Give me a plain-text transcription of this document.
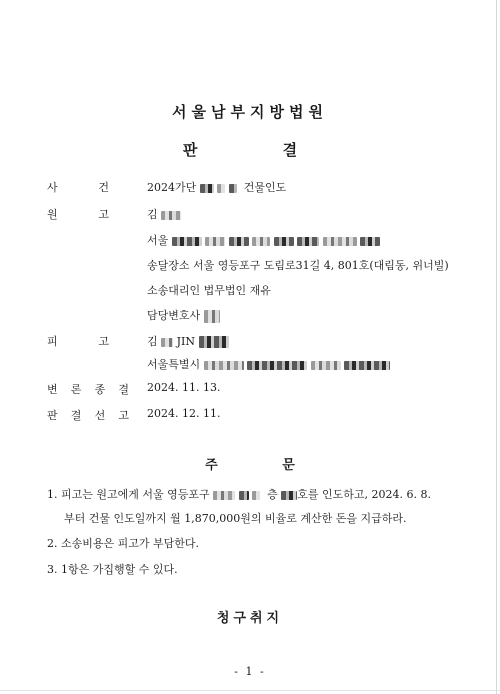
서울남부지방법원
판 결
사	건	2024가단	건물인도
원	고	김
서울
송달장소 서울 영등포구 도림로31길 4, 801호(대림동, 위너빌)
소송대리인 법무법인 재유
담당변호사
피	고	김 JIN
서울특별시
변 론 종 결 2024. 11. 13.
판 결 선 고 2024. 12. 11.
주 문
1. 피고는 원고에게 서울 영등포구	층 호를 인도하고, 2024. 6. 8.
부터 건물 인도일까지 월 1,870,000원의 비율로 계산한 돈을 지급하라.
2. 소송비용은 피고가 부담한다.
3. 1항은 가집행할 수 있다.
청구취지
- 1 -
